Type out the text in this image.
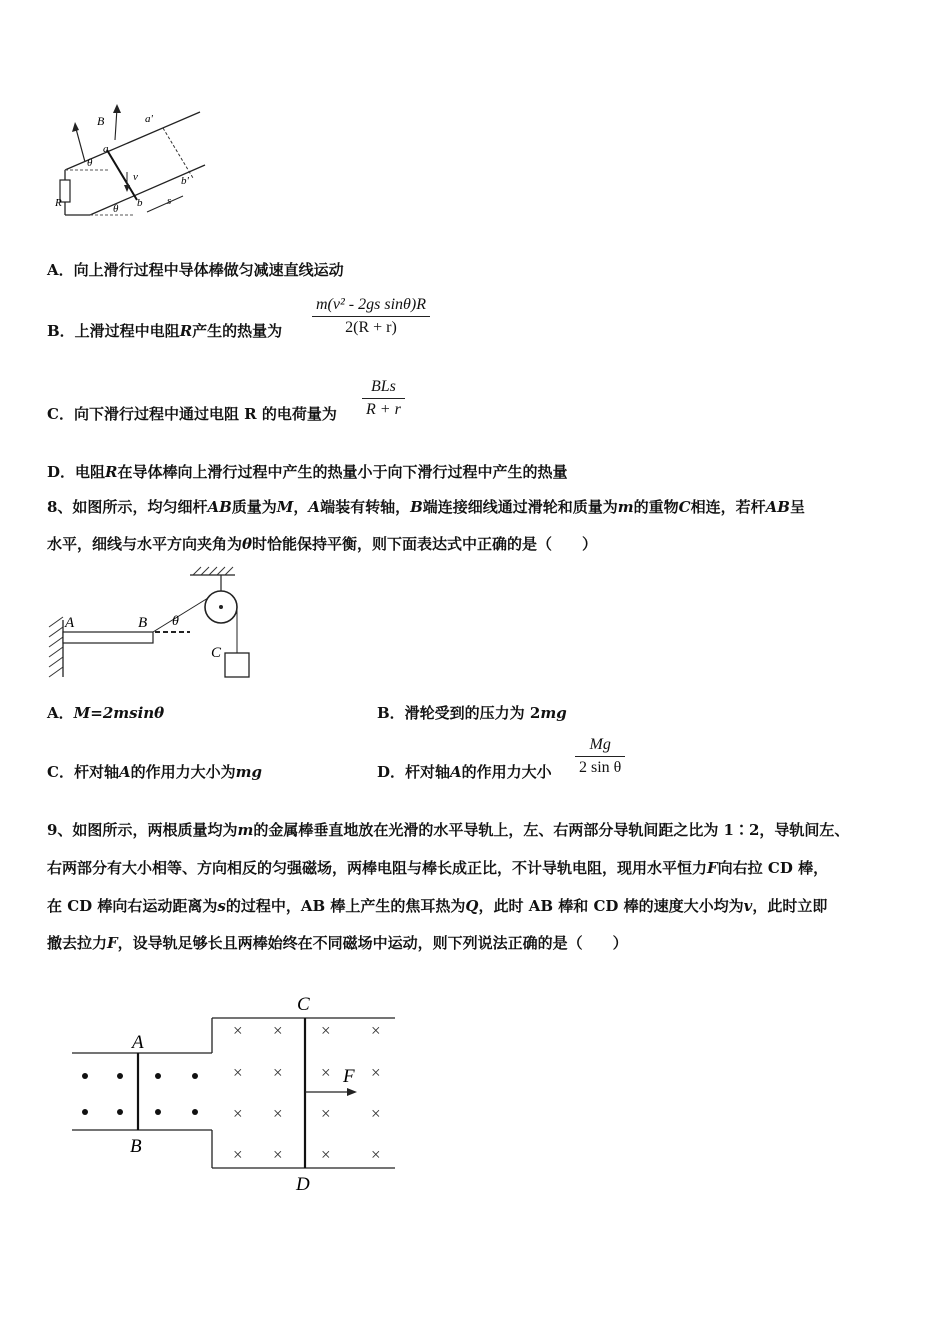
B
a
a'
θ
v
R	θ b s
b'
A．向上滑行过程中导体棒做匀减速直线运动
B．上滑过程中电阻R产生的热量为
m(v² - 2gs sinθ)R
2(R + r)
C．向下滑行过程中通过电阻 R 的电荷量为
BLs
R + r
D．电阻R在导体棒向上滑行过程中产生的热量小于向下滑行过程中产生的热量
8、如图所示，均匀细杆AB质量为M，A端装有转轴，B端连接细线通过滑轮和质量为m的重物C相连，若杆AB呈
水平，细线与水平方向夹角为θ时恰能保持平衡，则下面表达式中正确的是（　　）
A	B θ
C
A．M=2msinθ	B．滑轮受到的压力为 2mg
C．杆对轴A的作用力大小为mg	D．杆对轴A的作用力大小
Mg
2 sin θ
9、如图所示，两根质量均为m的金属棒垂直地放在光滑的水平导轨上，左、右两部分导轨间距之比为 1∶2，导轨间左、
右两部分有大小相等、方向相反的匀强磁场，两棒电阻与棒长成正比，不计导轨电阻，现用水平恒力F向右拉 CD 棒，
在 CD 棒向右运动距离为s的过程中，AB 棒上产生的焦耳热为Q，此时 AB 棒和 CD 棒的速度大小均为v，此时立即
撤去拉力F，设导轨足够长且两棒始终在不同磁场中运动，则下列说法正确的是（　　）
× × × ×
× × × ×
× × × ×
× × × ×
A
B
C
D
F
